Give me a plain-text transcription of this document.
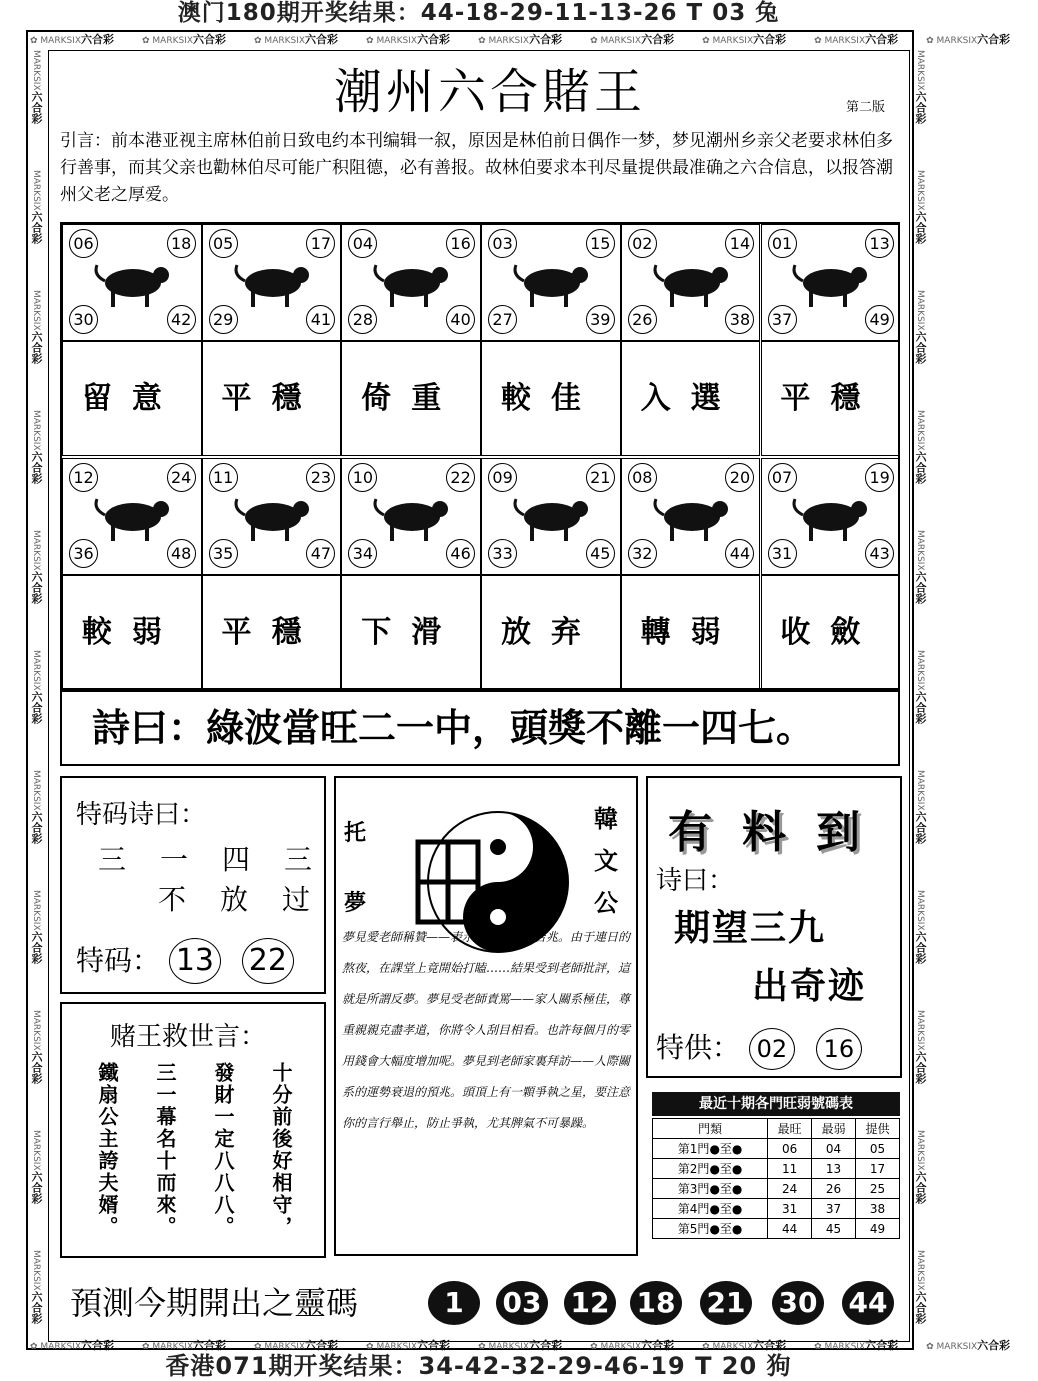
澳门180期开奖结果：44-18-29-11-13-26 T 03 兔
香港071期开奖结果：34-42-32-29-46-19 T 20 狗
✿ MARKSIX六合彩	✿ MARKSIX六合彩	✿ MARKSIX六合彩	✿ MARKSIX六合彩	✿ MARKSIX六合彩	✿ MARKSIX六合彩	✿ MARKSIX六合彩	✿ MARKSIX六合彩	✿ MARKSIX六合彩
✿ MARKSIX六合彩	✿ MARKSIX六合彩	✿ MARKSIX六合彩	✿ MARKSIX六合彩	✿ MARKSIX六合彩	✿ MARKSIX六合彩	✿ MARKSIX六合彩	✿ MARKSIX六合彩	✿ MARKSIX六合彩
MARKSIX六合彩
MARKSIX六合彩
MARKSIX六合彩
MARKSIX六合彩
MARKSIX六合彩
MARKSIX六合彩
MARKSIX六合彩
MARKSIX六合彩
MARKSIX六合彩
MARKSIX六合彩
MARKSIX六合彩
MARKSIX六合彩
MARKSIX六合彩
MARKSIX六合彩
MARKSIX六合彩
MARKSIX六合彩
MARKSIX六合彩
MARKSIX六合彩
MARKSIX六合彩
MARKSIX六合彩
MARKSIX六合彩
MARKSIX六合彩
潮州六合賭王	第二版
引言：前本港亚视主席林伯前日致电约本刊编辑一叙，原因是林伯前日偶作一梦，梦见潮州乡亲父老要求林伯多行善事，而其父亲也勸林伯尽可能广积阻德，必有善报。故林伯要求本刊尽量提供最准确之六合信息，以报答潮州父老之厚爱。
06	18
30	42
留意
05	17
29	41
平穩
04	16
28	40
倚重
03	15
27	39
較佳
02	14
26	38
入選
01	13
37	49
平穩
12	24
36	48
較弱
11	23
35	47
平穩
10	22
34	46
下滑
09	21
33	45
放弃
08	20
32	44
轉弱
07	19
31	43
收斂
詩曰：綠波當旺二一中，頭獎不離一四七。
特码诗曰：
三　一　四　三
不　放　过
特码： 13 22
赌王救世言：
鐵扇公主誇夫婿。 三一幕名十而來。 發財一定八八八。 十分前後好相守，
托
夢
韓
文
公
夢見愛老師稱贊——表示事業方面為吉兆。由于連日的熬夜，在課堂上竟開始打瞌……結果受到老師批評，這就是所謂反夢。夢見受老師責罵——家人關系極佳，尊重親親克盡孝道，你將令人刮目相看。也許每個月的零用錢會大幅度增加呢。夢見到老師家裏拜訪——人際關系的運勢衰退的預兆。頭頂上有一顆爭執之星，要注意你的言行舉止，防止爭執，尤其脾氣不可暴躁。
有料到
诗曰：
期望三九
出奇迹
特供： 02 16
最近十期各門旺弱號碼表
門類	最旺	最弱	提供
第1門●至●	06	04	05
第2門●至●	11	13	17
第3門●至●	24	26	25
第4門●至●	31	37	38
第5門●至●	44	45	49
預測今期開出之靈碼	1	03 12 18 21 30 44
